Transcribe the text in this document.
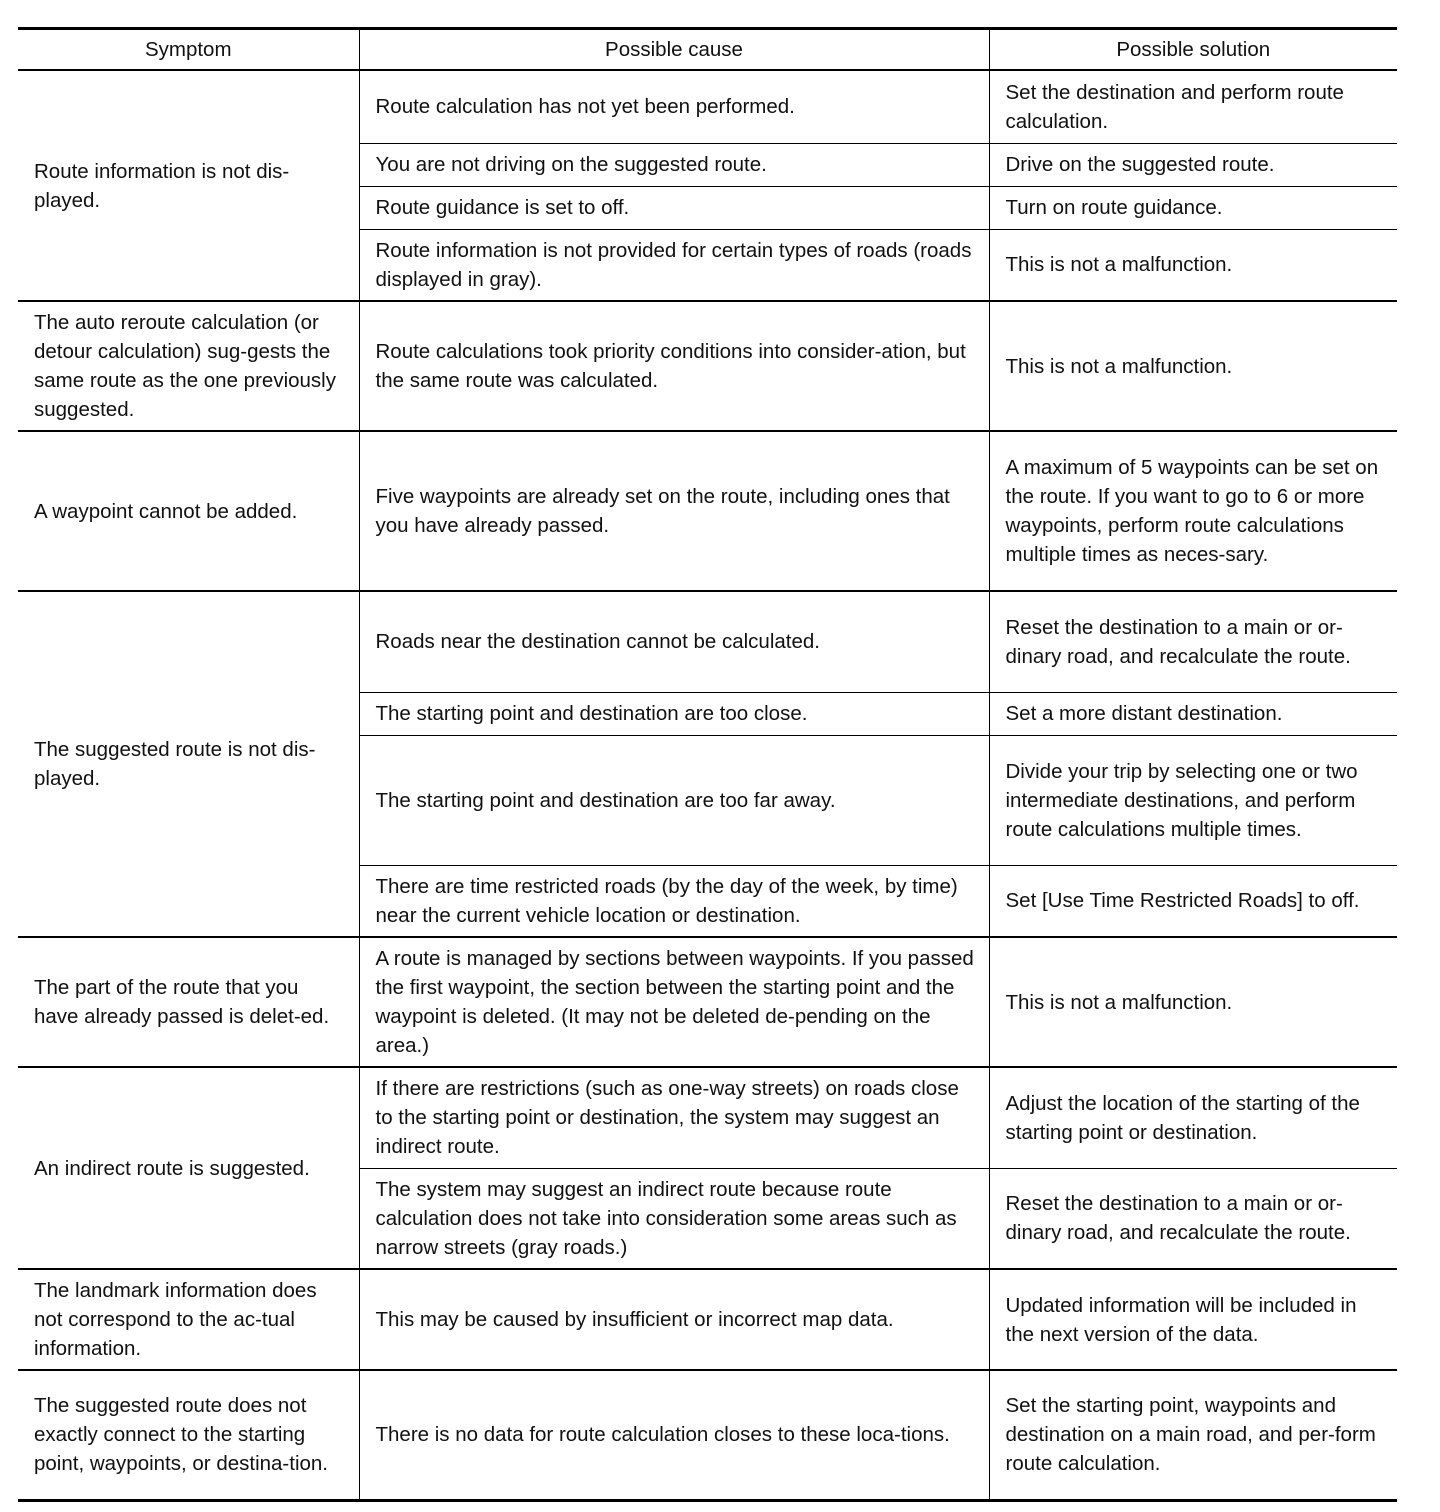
Symptom	Possible cause	Possible solution
Route information is not dis-played.	Route calculation has not yet been performed.	Set the destination and perform route calculation.
	You are not driving on the suggested route.	Drive on the suggested route.
	Route guidance is set to off.	Turn on route guidance.
	Route information is not provided for certain types of roads (roads displayed in gray).	This is not a malfunction.
The auto reroute calculation (or detour calculation) sug-gests the same route as the one previously suggested.	Route calculations took priority conditions into consider-ation, but the same route was calculated.	This is not a malfunction.
A waypoint cannot be added.	Five waypoints are already set on the route, including ones that you have already passed.	A maximum of 5 waypoints can be set on the route. If you want to go to 6 or more waypoints, perform route calculations multiple times as neces-sary.
The suggested route is not dis-played.	Roads near the destination cannot be calculated.	Reset the destination to a main or or-dinary road, and recalculate the route.
	The starting point and destination are too close.	Set a more distant destination.
	The starting point and destination are too far away.	Divide your trip by selecting one or two intermediate destinations, and perform route calculations multiple times.
	There are time restricted roads (by the day of the week, by time) near the current vehicle location or destination.	Set [Use Time Restricted Roads] to off.
The part of the route that you have already passed is delet-ed.	A route is managed by sections between waypoints. If you passed the first waypoint, the section between the starting point and the waypoint is deleted. (It may not be deleted de-pending on the area.)	This is not a malfunction.
An indirect route is suggested.	If there are restrictions (such as one-way streets) on roads close to the starting point or destination, the system may suggest an indirect route.	Adjust the location of the starting of the starting point or destination.
	The system may suggest an indirect route because route calculation does not take into consideration some areas such as narrow streets (gray roads.)	Reset the destination to a main or or-dinary road, and recalculate the route.
The landmark information does not correspond to the ac-tual information.	This may be caused by insufficient or incorrect map data.	Updated information will be included in the next version of the data.
The suggested route does not exactly connect to the starting point, waypoints, or destina-tion.	There is no data for route calculation closes to these loca-tions.	Set the starting point, waypoints and destination on a main road, and per-form route calculation.
